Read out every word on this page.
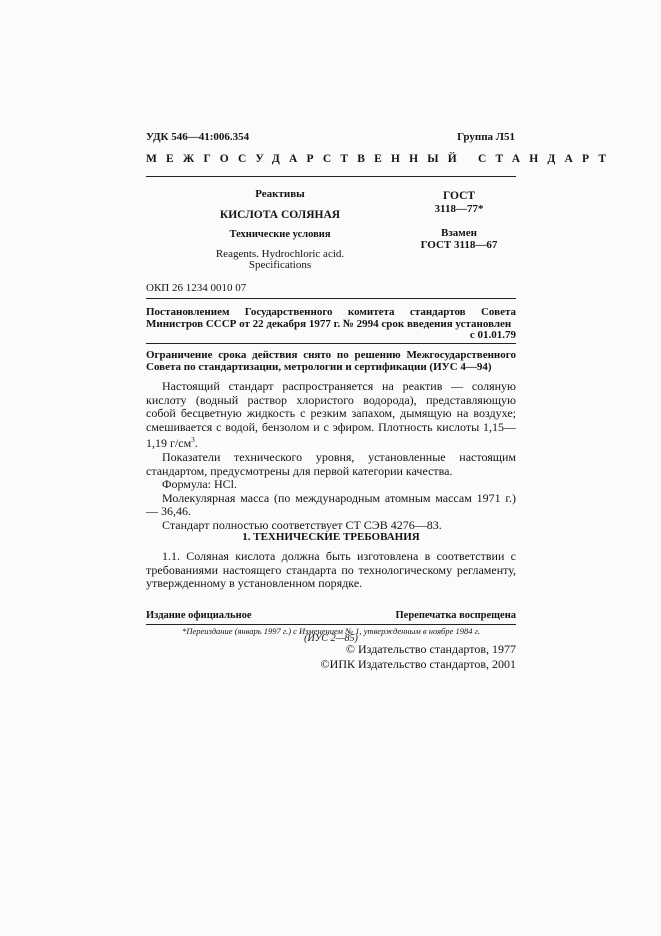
УДК 546—41:006.354	Группа Л51
МЕЖГОСУДАРСТВЕННЫЙ СТАНДАРТ
Реактивы
КИСЛОТА СОЛЯНАЯ
Технические условия
Reagents. Hydrochloric acid.
Specifications
ГОСТ
3118—77*
Взамен
ГОСТ 3118—67
ОКП 26 1234 0010 07
Постановлением Государственного комитета стандартов Совета Министров СССР от 22 декабря 1977 г. № 2994 срок введения установлен
с 01.01.79
Ограничение срока действия снято по решению Межгосударственного Совета по стандартизации, метрологии и сертификации (ИУС 4—94)

Настоящий стандарт распространяется на реактив — соляную кислоту (водный раствор хлористого водорода), представляющую собой бесцветную жидкость с резким запахом, дымящую на воздухе; смешивается с водой, бензолом и с эфиром. Плотность кислоты 1,15—1,19 $г/см^3$.

Показатели технического уровня, установленные настоящим стандартом, предусмотрены для первой категории качества.

Формула: HCl.

Молекулярная масса (по международным атомным массам 1971 г.) — 36,46.

Стандарт полностью соответствует СТ СЭВ 4276—83.

1. ТЕХНИЧЕСКИЕ ТРЕБОВАНИЯ

1.1. Соляная кислота должна быть изготовлена в соответствии с требованиями настоящего стандарта по технологическому регламенту, утвержденному в установленном порядке.

Издание официальное	Перепечатка воспрещена
*Переиздание (январь 1997 г.) с Изменением № 1, утвержденным в ноябре 1984 г.
(ИУС 2—85)
© Издательство стандартов, 1977
©ИПК Издательство стандартов, 2001
